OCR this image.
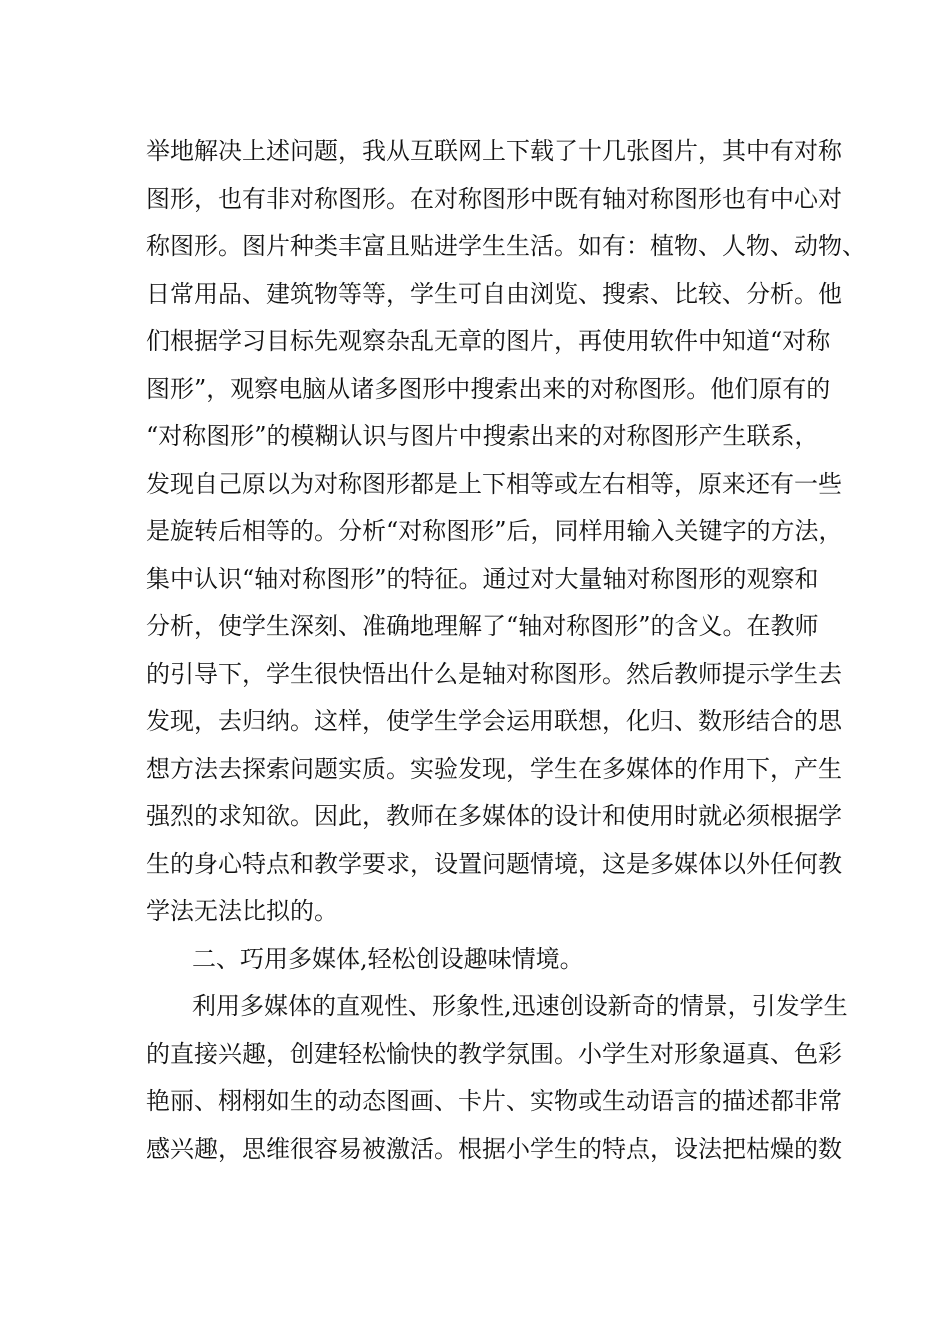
举地解决上述问题，我从互联网上下载了十几张图片，其中有对称
图形，也有非对称图形。在对称图形中既有轴对称图形也有中心对
称图形。图片种类丰富且贴进学生生活。如有：植物、人物、动物、
日常用品、建筑物等等，学生可自由浏览、搜索、比较、分析。他
们根据学习目标先观察杂乱无章的图片，再使用软件中知道“对称
图形”，观察电脑从诸多图形中搜索出来的对称图形。他们原有的
“对称图形”的模糊认识与图片中搜索出来的对称图形产生联系，
发现自己原以为对称图形都是上下相等或左右相等，原来还有一些
是旋转后相等的。分析“对称图形”后，同样用输入关键字的方法，
集中认识“轴对称图形”的特征。通过对大量轴对称图形的观察和
分析，使学生深刻、准确地理解了“轴对称图形”的含义。在教师
的引导下，学生很快悟出什么是轴对称图形。然后教师提示学生去
发现，去归纳。这样，使学生学会运用联想，化归、数形结合的思
想方法去探索问题实质。实验发现，学生在多媒体的作用下，产生
强烈的求知欲。因此，教师在多媒体的设计和使用时就必须根据学
生的身心特点和教学要求，设置问题情境，这是多媒体以外任何教
学法无法比拟的。
二、巧用多媒体,轻松创设趣味情境。
利用多媒体的直观性、形象性,迅速创设新奇的情景，引发学生
的直接兴趣，创建轻松愉快的教学氛围。小学生对形象逼真、色彩
艳丽、栩栩如生的动态图画、卡片、实物或生动语言的描述都非常
感兴趣，思维很容易被激活。根据小学生的特点，设法把枯燥的数
